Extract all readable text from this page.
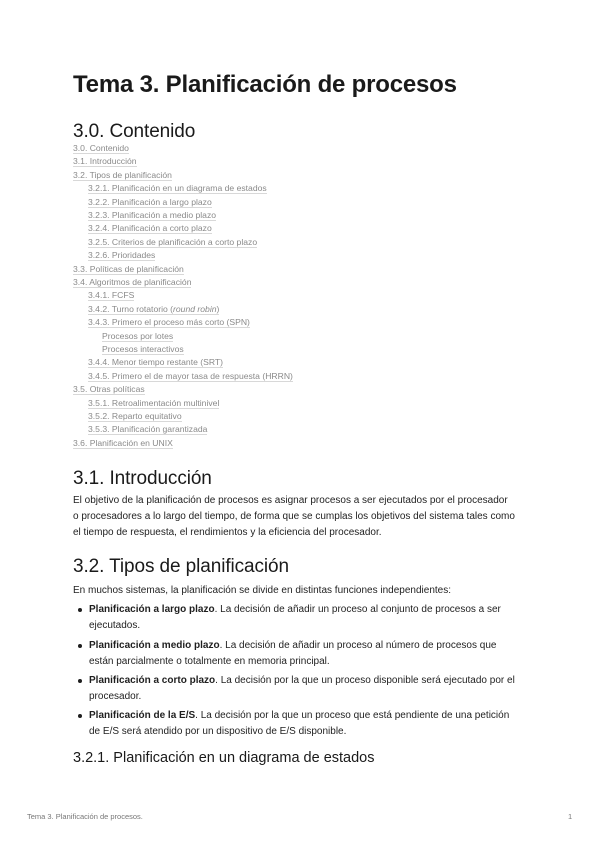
Tema 3. Planificación de procesos
3.0. Contenido
3.0. Contenido
3.1. Introducción
3.2. Tipos de planificación
3.2.1. Planificación en un diagrama de estados
3.2.2. Planificación a largo plazo
3.2.3. Planificación a medio plazo
3.2.4. Planificación a corto plazo
3.2.5. Criterios de planificación a corto plazo
3.2.6. Prioridades
3.3. Políticas de planificación
3.4. Algoritmos de planificación
3.4.1. FCFS
3.4.2. Turno rotatorio (round robin)
3.4.3. Primero el proceso más corto (SPN)
Procesos por lotes
Procesos interactivos
3.4.4. Menor tiempo restante (SRT)
3.4.5. Primero el de mayor tasa de respuesta (HRRN)
3.5. Otras políticas
3.5.1. Retroalimentación multinivel
3.5.2. Reparto equitativo
3.5.3. Planificación garantizada
3.6. Planificación en UNIX
3.1. Introducción
El objetivo de la planificación de procesos es asignar procesos a ser ejecutados por el procesador
o procesadores a lo largo del tiempo, de forma que se cumplas los objetivos del sistema tales como
el tiempo de respuesta, el rendimientos y la eficiencia del procesador.
3.2. Tipos de planificación
En muchos sistemas, la planificación se divide en distintas funciones independientes:
Planificación a largo plazo. La decisión de añadir un proceso al conjunto de procesos a ser
ejecutados.
Planificación a medio plazo. La decisión de añadir un proceso al número de procesos que
están parcialmente o totalmente en memoria principal.
Planificación a corto plazo. La decisión por la que un proceso disponible será ejecutado por el
procesador.
Planificación de la E/S. La decisión por la que un proceso que está pendiente de una petición
de E/S será atendido por un dispositivo de E/S disponible.
3.2.1. Planificación en un diagrama de estados
Tema 3. Planificación de procesos.	1
